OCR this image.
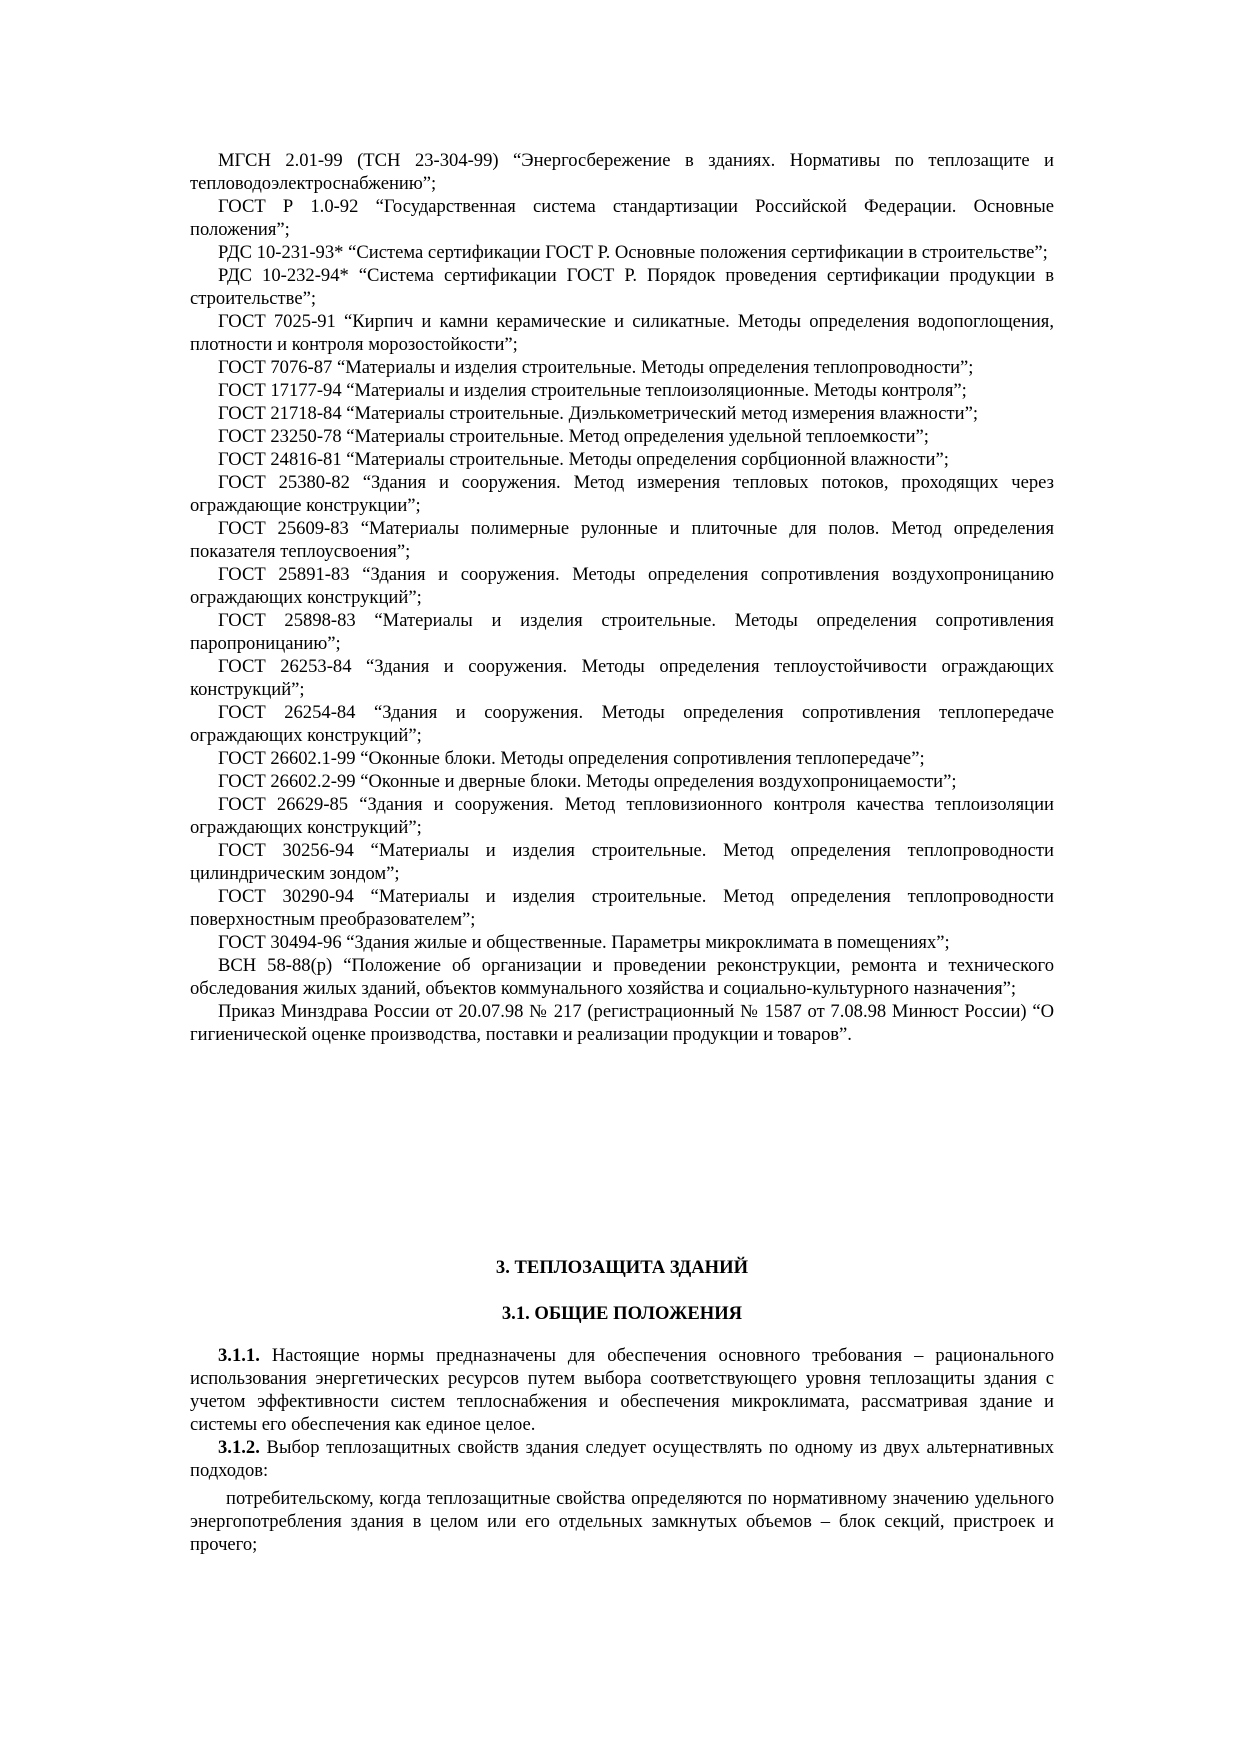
МГСН 2.01-99 (ТСН 23-304-99) “Энергосбережение в зданиях. Нормативы по теплозащите и тепловодоэлектроснабжению”;

ГОСТ Р 1.0-92 “Государственная система стандартизации Российской Федерации. Основные положения”;

РДС 10-231-93* “Система сертификации ГОСТ Р. Основные положения сертификации в строительстве”;

РДС 10-232-94* “Система сертификации ГОСТ Р. Порядок проведения сертификации продукции в строительстве”;

ГОСТ 7025-91 “Кирпич и камни керамические и силикатные. Методы определения водопоглощения, плотности и контроля морозостойкости”;

ГОСТ 7076-87 “Материалы и изделия строительные. Методы определения теплопроводности”;

ГОСТ 17177-94 “Материалы и изделия строительные теплоизоляционные. Методы контроля”;

ГОСТ 21718-84 “Материалы строительные. Диэлькометрический метод измерения влажности”;

ГОСТ 23250-78 “Материалы строительные. Метод определения удельной теплоемкости”;

ГОСТ 24816-81 “Материалы строительные. Методы определения сорбционной влажности”;

ГОСТ 25380-82 “Здания и сооружения. Метод измерения тепловых потоков, проходящих через ограждающие конструкции”;

ГОСТ 25609-83 “Материалы полимерные рулонные и плиточные для полов. Метод определения показателя теплоусвоения”;

ГОСТ 25891-83 “Здания и сооружения. Методы определения сопротивления воздухопроницанию ограждающих конструкций”;

ГОСТ 25898-83 “Материалы и изделия строительные. Методы определения сопротивления паропроницанию”;

ГОСТ 26253-84 “Здания и сооружения. Методы определения теплоустойчивости ограждающих конструкций”;

ГОСТ 26254-84 “Здания и сооружения. Методы определения сопротивления теплопередаче ограждающих конструкций”;

ГОСТ 26602.1-99 “Оконные блоки. Методы определения сопротивления теплопередаче”;

ГОСТ 26602.2-99 “Оконные и дверные блоки. Методы определения воздухопроницаемости”;

ГОСТ 26629-85 “Здания и сооружения. Метод тепловизионного контроля качества теплоизоляции ограждающих конструкций”;

ГОСТ 30256-94 “Материалы и изделия строительные. Метод определения теплопроводности цилиндрическим зондом”;

ГОСТ 30290-94 “Материалы и изделия строительные. Метод определения теплопроводности поверхностным преобразователем”;

ГОСТ 30494-96 “Здания жилые и общественные. Параметры микроклимата в помещениях”;

ВСН 58-88(р) “Положение об организации и проведении реконструкции, ремонта и технического обследования жилых зданий, объектов коммунального хозяйства и социально-культурного назначения”;

Приказ Минздрава России от 20.07.98 № 217 (регистрационный № 1587 от 7.08.98 Минюст России) “О гигиенической оценке производства, поставки и реализации продукции и товаров”.

3. ТЕПЛОЗАЩИТА ЗДАНИЙ
3.1. ОБЩИЕ ПОЛОЖЕНИЯ

3.1.1. Настоящие нормы предназначены для обеспечения основного требования – рационального использования энергетических ресурсов путем выбора соответствующего уровня теплозащиты здания с учетом эффективности систем теплоснабжения и обеспечения микроклимата, рассматривая здание и системы его обеспечения как единое целое.

3.1.2. Выбор теплозащитных свойств здания следует осуществлять по одному из двух альтернативных подходов:

потребительскому, когда теплозащитные свойства определяются по нормативному значению удельного энергопотребления здания в целом или его отдельных замкнутых объемов – блок секций, пристроек и прочего;
